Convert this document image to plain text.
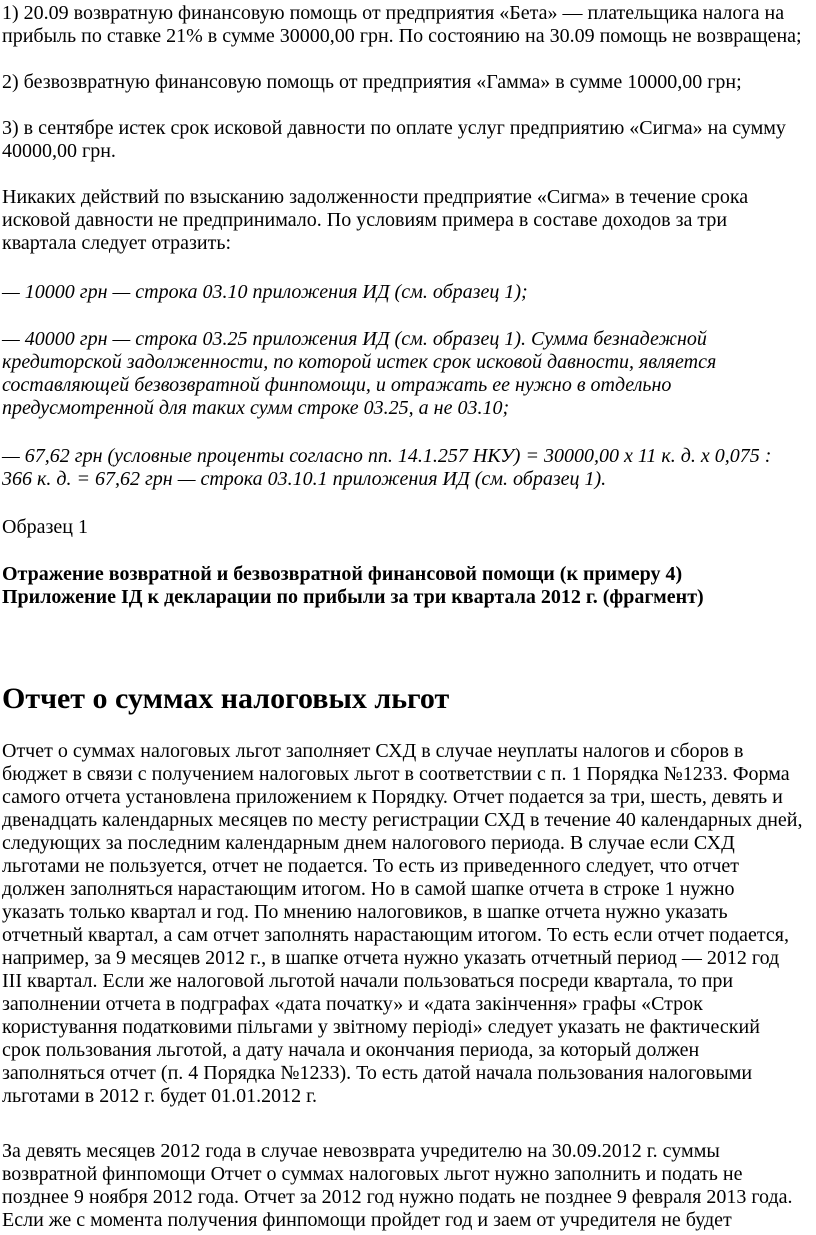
1) 20.09 возвратную финансовую помощь от предприятия «Бета» — плательщика налога на
прибыль по ставке 21% в сумме 30000,00 грн. По состоянию на 30.09 помощь не возвращена;
2) безвозвратную финансовую помощь от предприятия «Гамма» в сумме 10000,00 грн;
3) в сентябре истек срок исковой давности по оплате услуг предприятию «Сигма» на сумму
40000,00 грн.
Никаких действий по взысканию задолженности предприятие «Сигма» в течение срока
исковой давности не предпринимало. По условиям примера в составе доходов за три
квартала следует отразить:
— 10000 грн — строка 03.10 приложения ИД (см. образец 1);
— 40000 грн — строка 03.25 приложения ИД (см. образец 1). Сумма безнадежной
кредиторской задолженности, по которой истек срок исковой давности, является
составляющей безвозвратной финпомощи, и отражать ее нужно в отдельно
предусмотренной для таких сумм строке 03.25, а не 03.10;
— 67,62 грн (условные проценты согласно пп. 14.1.257 НКУ) = 30000,00 х 11 к. д. х 0,075 :
366 к. д. = 67,62 грн — строка 03.10.1 приложения ИД (см. образец 1).
Образец 1
Отражение возвратной и безвозвратной финансовой помощи (к примеру 4)
Приложение ІД к декларации по прибыли за три квартала 2012 г. (фрагмент)
Отчет о суммах налоговых льгот
Отчет о суммах налоговых льгот заполняет СХД в случае неуплаты налогов и сборов в
бюджет в связи с получением налоговых льгот в соответствии с п. 1 Порядка №1233. Форма
самого отчета установлена приложением к Порядку. Отчет подается за три, шесть, девять и
двенадцать календарных месяцев по месту регистрации СХД в течение 40 календарных дней,
следующих за последним календарным днем налогового периода. В случае если СХД
льготами не пользуется, отчет не подается. То есть из приведенного следует, что отчет
должен заполняться нарастающим итогом. Но в самой шапке отчета в строке 1 нужно
указать только квартал и год. По мнению налоговиков, в шапке отчета нужно указать
отчетный квартал, а сам отчет заполнять нарастающим итогом. То есть если отчет подается,
например, за 9 месяцев 2012 г., в шапке отчета нужно указать отчетный период — 2012 год
III квартал. Если же налоговой льготой начали пользоваться посреди квартала, то при
заполнении отчета в подграфах «дата початку» и «дата закінчення» графы «Строк
користування податковими пільгами у звітному періоді» следует указать не фактический
срок пользования льготой, а дату начала и окончания периода, за который должен
заполняться отчет (п. 4 Порядка №1233). То есть датой начала пользования налоговыми
льготами в 2012 г. будет 01.01.2012 г.
За девять месяцев 2012 года в случае невозврата учредителю на 30.09.2012 г. суммы
возвратной финпомощи Отчет о суммах налоговых льгот нужно заполнить и подать не
позднее 9 ноября 2012 года. Отчет за 2012 год нужно подать не позднее 9 февраля 2013 года.
Если же с момента получения финпомощи пройдет год и заем от учредителя не будет
